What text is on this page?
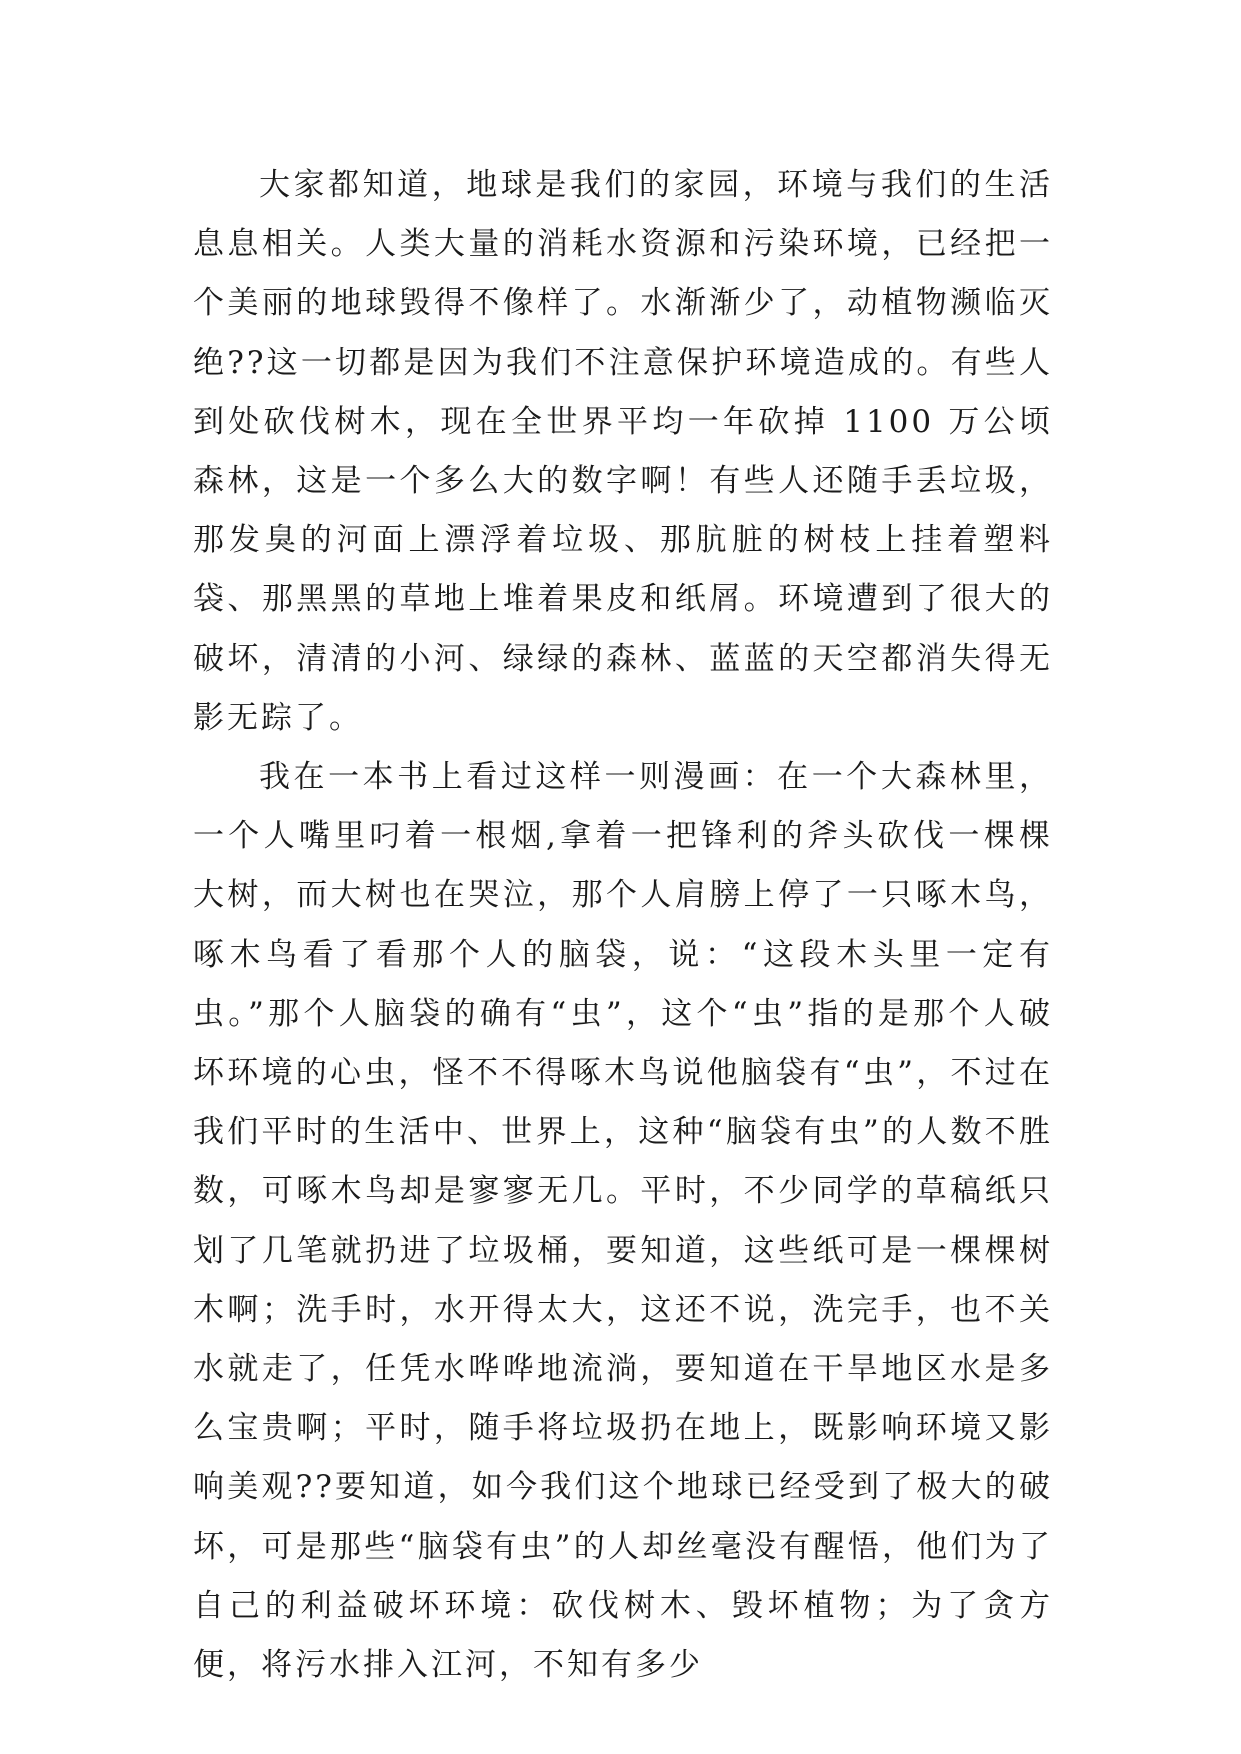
大家都知道，地球是我们的家园，环境与我们的生活息息相关。人类大量的消耗水资源和污染环境，已经把一个美丽的地球毁得不像样了。水渐渐少了，动植物濒临灭绝??这一切都是因为我们不注意保护环境造成的。有些人到处砍伐树木，现在全世界平均一年砍掉 1100 万公顷森林，这是一个多么大的数字啊！有些人还随手丢垃圾，那发臭的河面上漂浮着垃圾、那肮脏的树枝上挂着塑料袋、那黑黑的草地上堆着果皮和纸屑。环境遭到了很大的破坏，清清的小河、绿绿的森林、蓝蓝的天空都消失得无影无踪了。

我在一本书上看过这样一则漫画：在一个大森林里，一个人嘴里叼着一根烟,拿着一把锋利的斧头砍伐一棵棵大树，而大树也在哭泣，那个人肩膀上停了一只啄木鸟，啄木鸟看了看那个人的脑袋，说：“这段木头里一定有虫。”那个人脑袋的确有“虫”，这个“虫”指的是那个人破坏环境的心虫，怪不不得啄木鸟说他脑袋有“虫”，不过在我们平时的生活中、世界上，这种“脑袋有虫”的人数不胜数，可啄木鸟却是寥寥无几。平时，不少同学的草稿纸只划了几笔就扔进了垃圾桶，要知道，这些纸可是一棵棵树木啊；洗手时，水开得太大，这还不说，洗完手，也不关水就走了，任凭水哗哗地流淌，要知道在干旱地区水是多么宝贵啊；平时，随手将垃圾扔在地上，既影响环境又影响美观??要知道，如今我们这个地球已经受到了极大的破坏，可是那些“脑袋有虫”的人却丝毫没有醒悟，他们为了自己的利益破坏环境：砍伐树木、毁坏植物；为了贪方便，将污水排入江河，不知有多少
